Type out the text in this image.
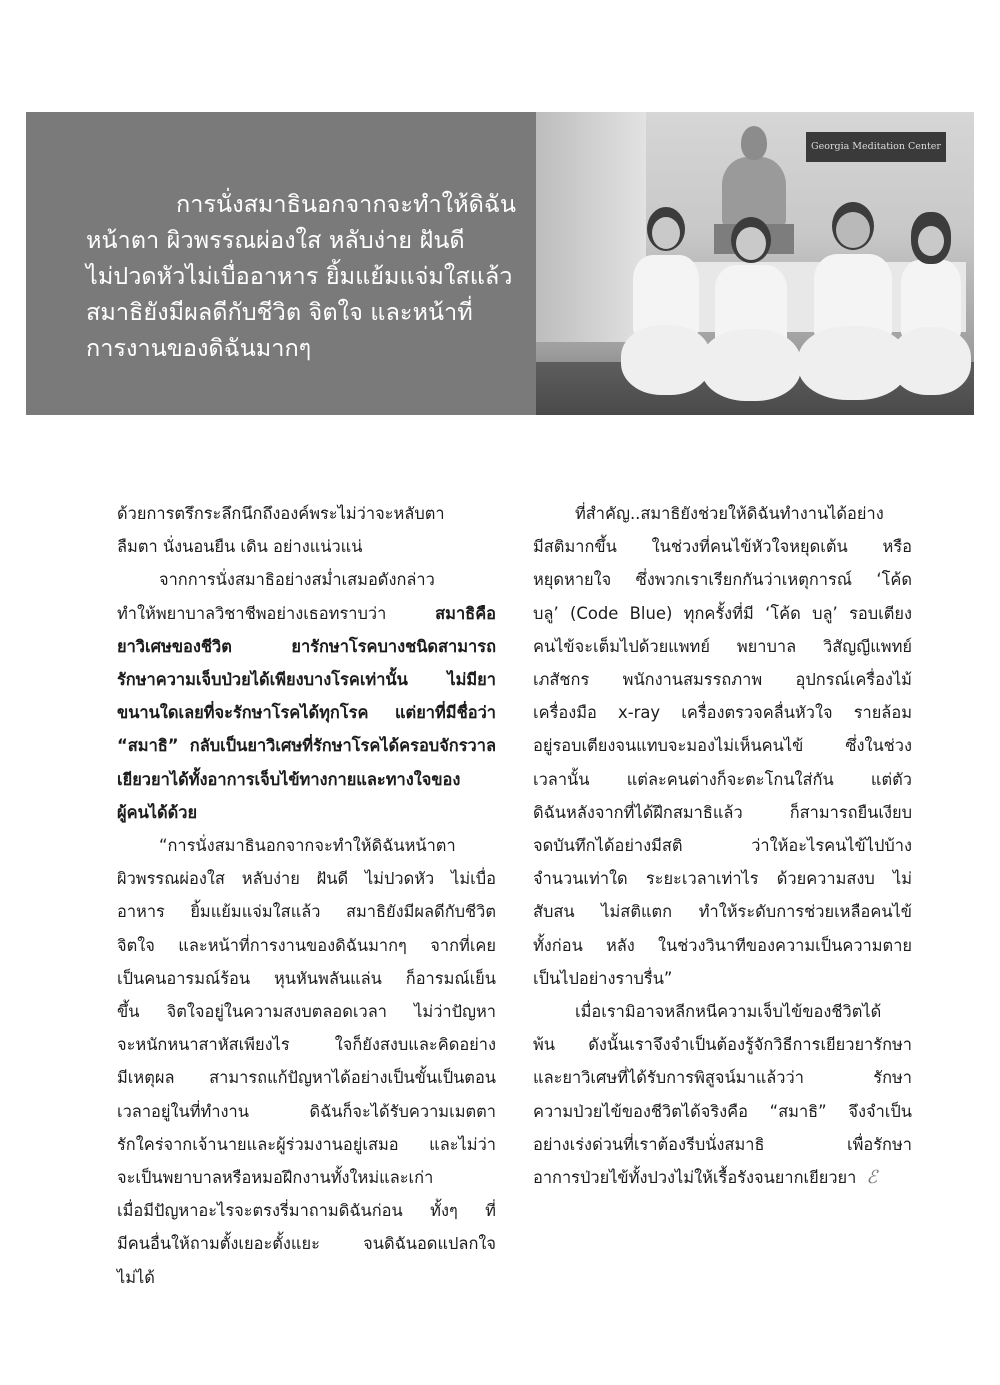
การนั่งสมาธินอกจากจะทำให้ดิฉัน
หน้าตา ผิวพรรณผ่องใส หลับง่าย ฝันดี
ไม่ปวดหัวไม่เบื่ออาหาร ยิ้มแย้มแจ่มใสแล้ว
สมาธิยังมีผลดีกับชีวิต จิตใจ และหน้าที่
การงานของดิฉันมากๆ

Georgia Meditation Center
ด้วยการตรึกระลึกนึกถึงองค์พระไม่ว่าจะหลับตา
ลืมตา นั่งนอนยืน เดิน อย่างแน่วแน่
จากการนั่งสมาธิอย่างสม่ำเสมอดังกล่าว
ทำให้พยาบาลวิชาชีพอย่างเธอทราบว่า สมาธิคือ
ยาวิเศษของชีวิต ยารักษาโรคบางชนิดสามารถ
รักษาความเจ็บป่วยได้เพียงบางโรคเท่านั้น ไม่มียา
ขนานใดเลยที่จะรักษาโรคได้ทุกโรค แต่ยาที่มีชื่อว่า
“สมาธิ” กลับเป็นยาวิเศษที่รักษาโรคได้ครอบจักรวาล
เยียวยาได้ทั้งอาการเจ็บไข้ทางกายและทางใจของ
ผู้คนได้ด้วย
“การนั่งสมาธินอกจากจะทำให้ดิฉันหน้าตา
ผิวพรรณผ่องใส หลับง่าย ฝันดี ไม่ปวดหัว ไม่เบื่อ
อาหาร ยิ้มแย้มแจ่มใสแล้ว สมาธิยังมีผลดีกับชีวิต
จิตใจ และหน้าที่การงานของดิฉันมากๆ จากที่เคย
เป็นคนอารมณ์ร้อน หุนหันพลันแล่น ก็อารมณ์เย็น
ขึ้น จิตใจอยู่ในความสงบตลอดเวลา ไม่ว่าปัญหา
จะหนักหนาสาหัสเพียงไร ใจก็ยังสงบและคิดอย่าง
มีเหตุผล สามารถแก้ปัญหาได้อย่างเป็นขั้นเป็นตอน
เวลาอยู่ในที่ทำงาน ดิฉันก็จะได้รับความเมตตา
รักใคร่จากเจ้านายและผู้ร่วมงานอยู่เสมอ และไม่ว่า
จะเป็นพยาบาลหรือหมอฝึกงานทั้งใหม่และเก่า
เมื่อมีปัญหาอะไรจะตรงรี่มาถามดิฉันก่อน ทั้งๆ ที่
มีคนอื่นให้ถามตั้งเยอะตั้งแยะ จนดิฉันอดแปลกใจ
ไม่ได้
ที่สำคัญ..สมาธิยังช่วยให้ดิฉันทำงานได้อย่าง
มีสติมากขึ้น ในช่วงที่คนไข้หัวใจหยุดเต้น หรือ
หยุดหายใจ ซึ่งพวกเราเรียกกันว่าเหตุการณ์ ‘โค้ด
บลู’ (Code Blue) ทุกครั้งที่มี ‘โค้ด บลู’ รอบเตียง
คนไข้จะเต็มไปด้วยแพทย์ พยาบาล วิสัญญีแพทย์
เภสัชกร พนักงานสมรรถภาพ อุปกรณ์เครื่องไม้
เครื่องมือ x-ray เครื่องตรวจคลื่นหัวใจ รายล้อม
อยู่รอบเตียงจนแทบจะมองไม่เห็นคนไข้ ซึ่งในช่วง
เวลานั้น แต่ละคนต่างก็จะตะโกนใส่กัน แต่ตัว
ดิฉันหลังจากที่ได้ฝึกสมาธิแล้ว ก็สามารถยืนเงียบ
จดบันทึกได้อย่างมีสติ ว่าให้อะไรคนไข้ไปบ้าง
จำนวนเท่าใด ระยะเวลาเท่าไร ด้วยความสงบ ไม่
สับสน ไม่สติแตก ทำให้ระดับการช่วยเหลือคนไข้
ทั้งก่อน หลัง ในช่วงวินาทีของความเป็นความตาย
เป็นไปอย่างราบรื่น”
เมื่อเรามิอาจหลีกหนีความเจ็บไข้ของชีวิตได้
พ้น ดังนั้นเราจึงจำเป็นต้องรู้จักวิธีการเยียวยารักษา
และยาวิเศษที่ได้รับการพิสูจน์มาแล้วว่า รักษา
ความป่วยไข้ของชีวิตได้จริงคือ “สมาธิ” จึงจำเป็น
อย่างเร่งด่วนที่เราต้องรีบนั่งสมาธิ เพื่อรักษา
อาการป่วยไข้ทั้งปวงไม่ให้เรื้อรังจนยากเยียวยา ℰ
